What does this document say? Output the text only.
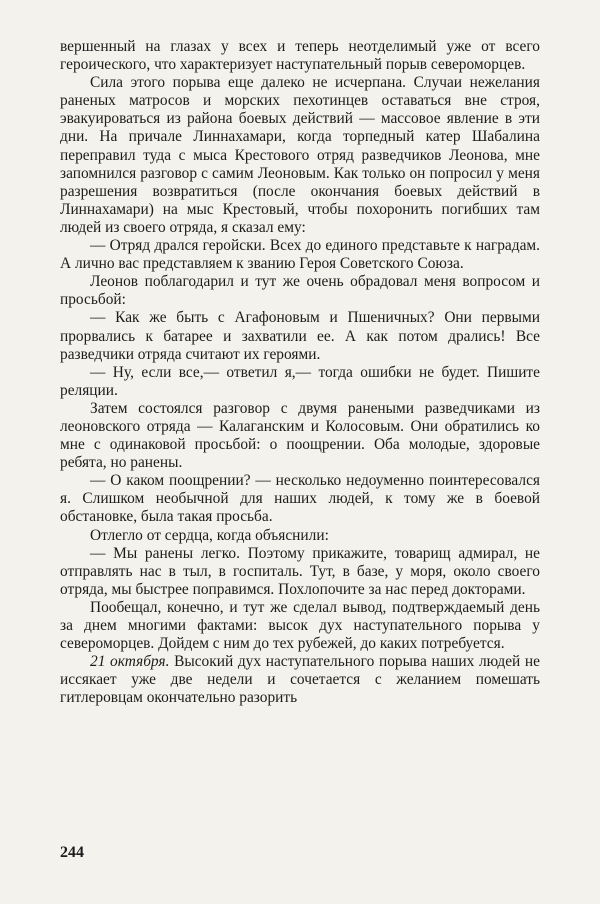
вершенный на глазах у всех и теперь неотделимый уже от всего героического, что характеризует наступательный порыв североморцев.

Сила этого порыва еще далеко не исчерпана. Случаи нежелания раненых матросов и морских пехотинцев оставаться вне строя, эвакуироваться из района боевых действий — массовое явление в эти дни. На причале Линнахамари, когда торпедный катер Шабалина переправил туда с мыса Крестового отряд разведчиков Леонова, мне запомнился разговор с самим Леоновым. Как только он попросил у меня разрешения возвратиться (после окончания боевых действий в Линнахамари) на мыс Крестовый, чтобы похоронить погибших там людей из своего отряда, я сказал ему:

— Отряд дрался геройски. Всех до единого представьте к наградам. А лично вас представляем к званию Героя Советского Союза.

Леонов поблагодарил и тут же очень обрадовал меня вопросом и просьбой:

— Как же быть с Агафоновым и Пшеничных? Они первыми прорвались к батарее и захватили ее. А как потом дрались! Все разведчики отряда считают их героями.

— Ну, если все,— ответил я,— тогда ошибки не будет. Пишите реляции.

Затем состоялся разговор с двумя ранеными разведчиками из леоновского отряда — Калаганским и Колосовым. Они обратились ко мне с одинаковой просьбой: о поощрении. Оба молодые, здоровые ребята, но ранены.

— О каком поощрении? — несколько недоуменно поинтересовался я. Слишком необычной для наших людей, к тому же в боевой обстановке, была такая просьба.

Отлегло от сердца, когда объяснили:

— Мы ранены легко. Поэтому прикажите, товарищ адмирал, не отправлять нас в тыл, в госпиталь. Тут, в базе, у моря, около своего отряда, мы быстрее поправимся. Похлопочите за нас перед докторами.

Пообещал, конечно, и тут же сделал вывод, подтверждаемый день за днем многими фактами: высок дух наступательного порыва у североморцев. Дойдем с ним до тех рубежей, до каких потребуется.

21 октября. Высокий дух наступательного порыва наших людей не иссякает уже две недели и сочетается с желанием помешать гитлеровцам окончательно разорить

244
